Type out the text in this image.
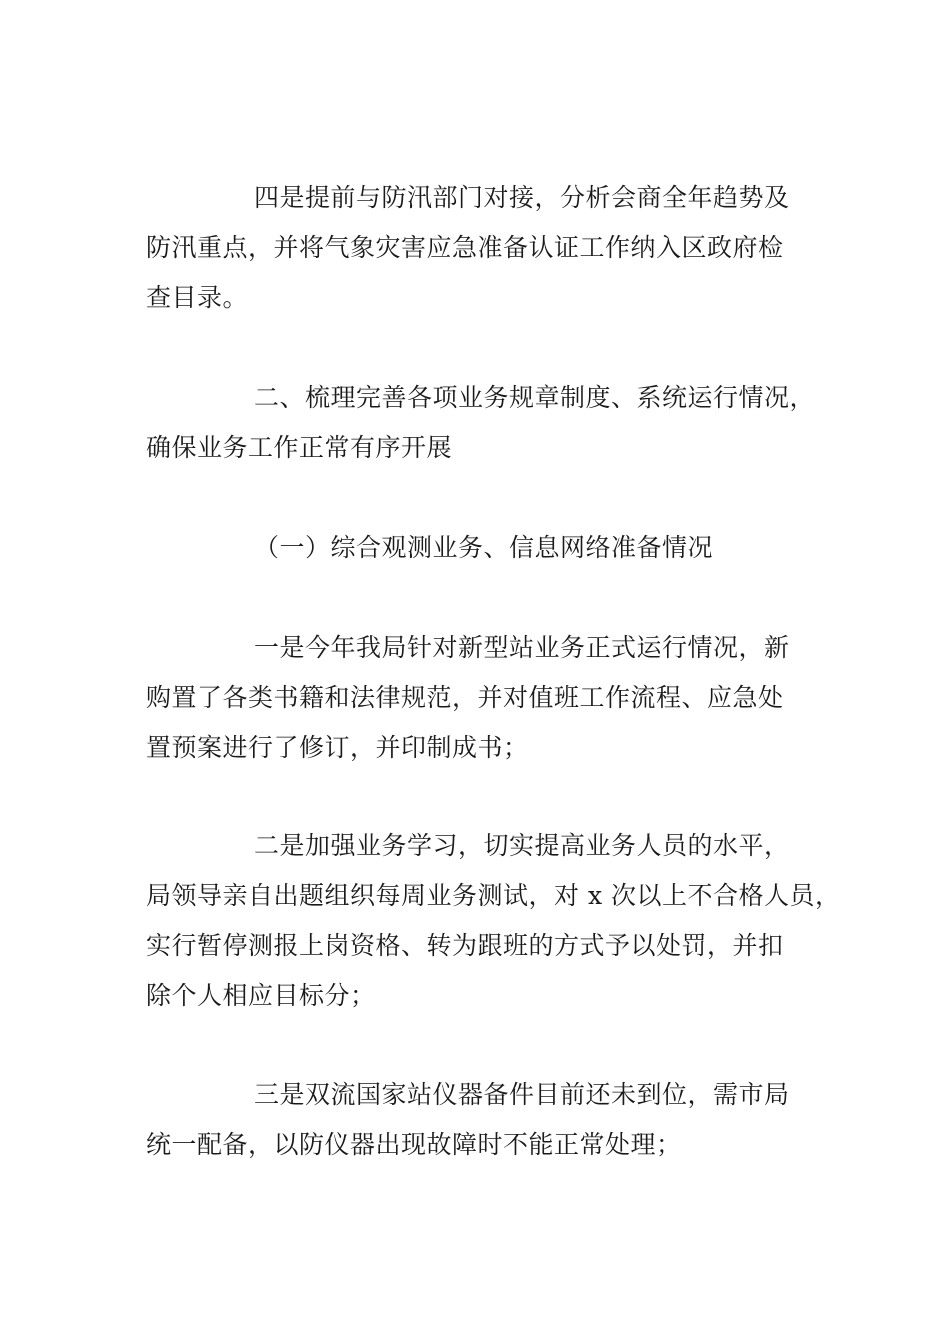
四是提前与防汛部门对接，分析会商全年趋势及
防汛重点，并将气象灾害应急准备认证工作纳入区政府检
查目录。
二、梳理完善各项业务规章制度、系统运行情况，
确保业务工作正常有序开展
（一）综合观测业务、信息网络准备情况
一是今年我局针对新型站业务正式运行情况，新
购置了各类书籍和法律规范，并对值班工作流程、应急处
置预案进行了修订，并印制成书；
二是加强业务学习，切实提高业务人员的水平，
局领导亲自出题组织每周业务测试，对 x 次以上不合格人员，
实行暂停测报上岗资格、转为跟班的方式予以处罚，并扣
除个人相应目标分；
三是双流国家站仪器备件目前还未到位，需市局
统一配备，以防仪器出现故障时不能正常处理；
